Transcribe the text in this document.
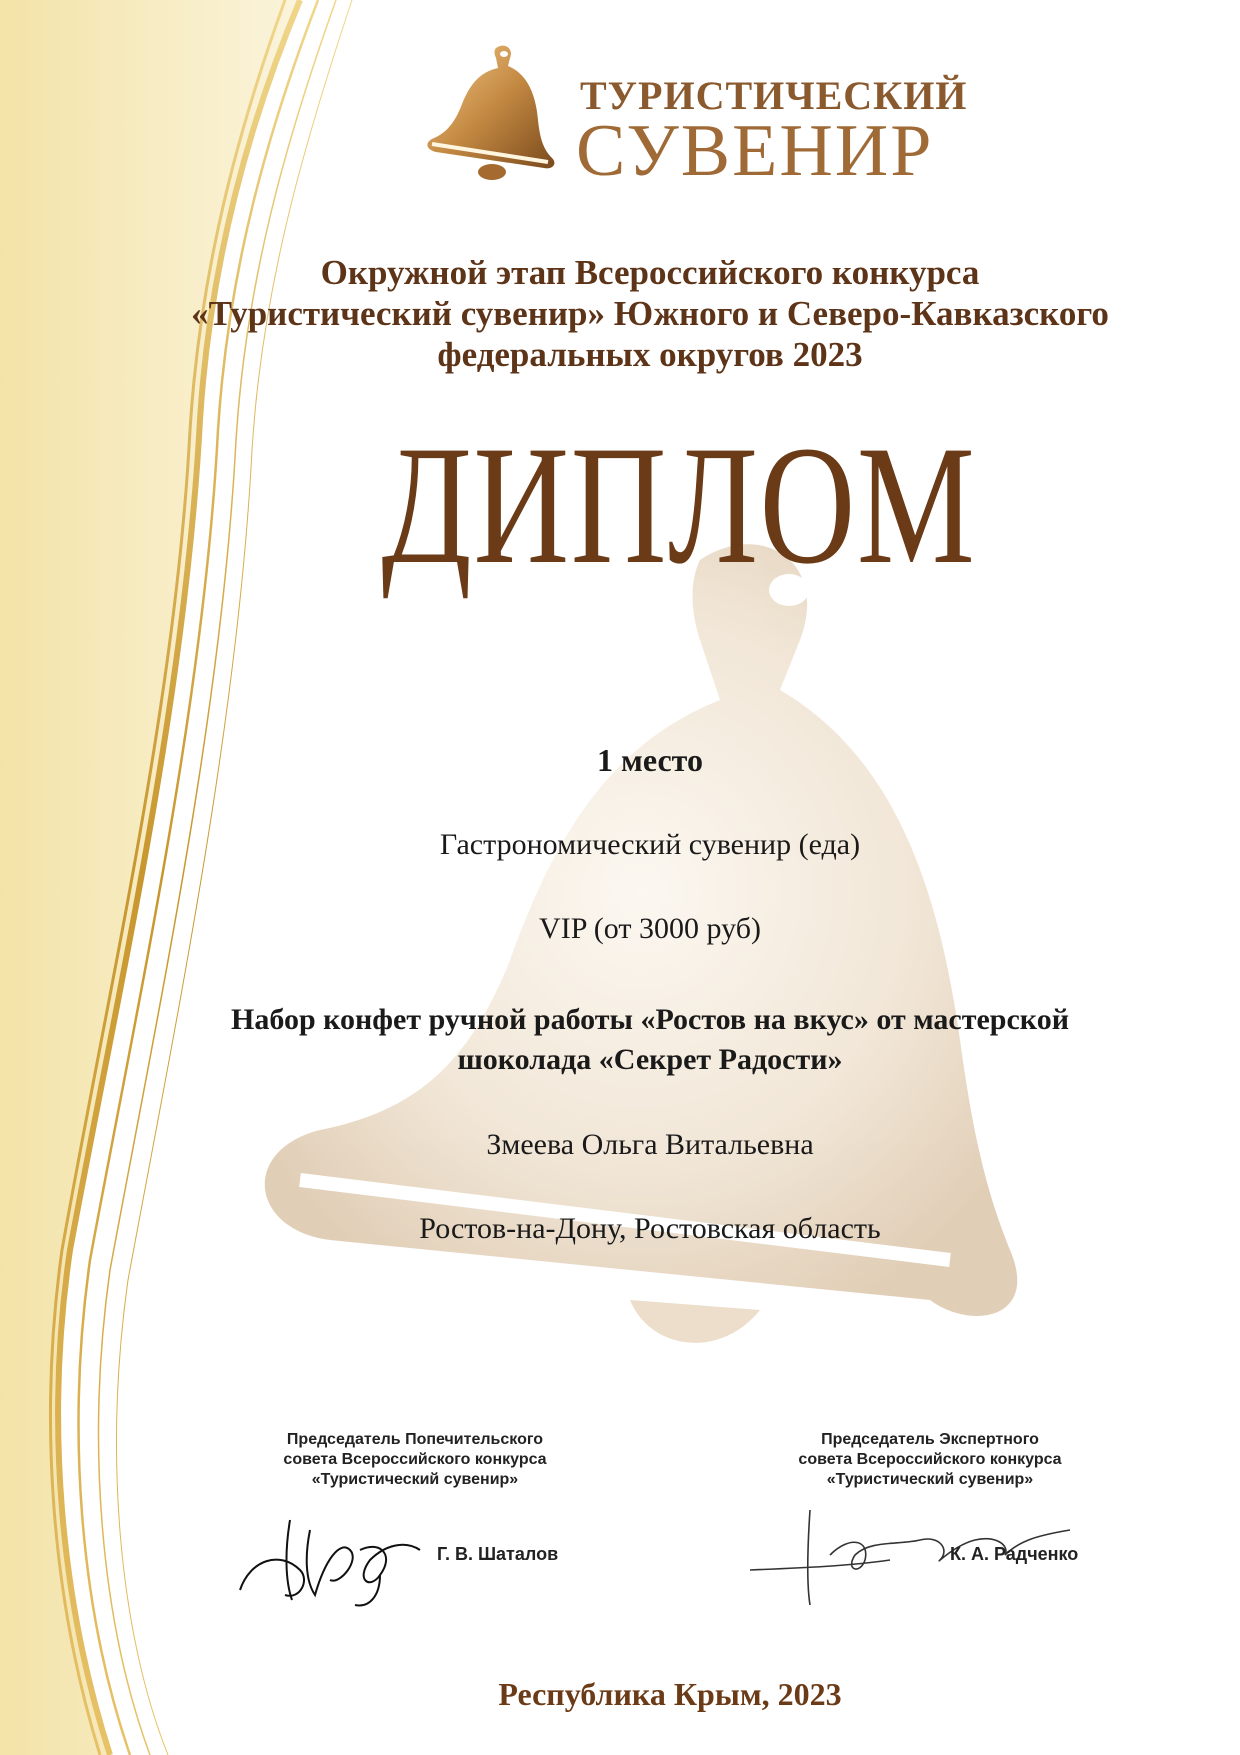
ТУРИСТИЧЕСКИЙ
СУВЕНИР
Окружной этап Всероссийского конкурса
«Туристический сувенир» Южного и Северо-Кавказского
федеральных округов 2023
ДИПЛОМ
1 место
Гастрономический сувенир (еда)
VIP (от 3000 руб)
Набор конфет ручной работы «Ростов на вкус» от мастерской
шоколада «Секрет Радости»
Змеева Ольга Витальевна
Ростов-на-Дону, Ростовская область
Председатель Попечительского
совета Всероссийского конкурса
«Туристический сувенир»
Г. В. Шаталов
Председатель Экспертного
совета Всероссийского конкурса
«Туристический сувенир»
К. А. Радченко
Республика Крым, 2023
